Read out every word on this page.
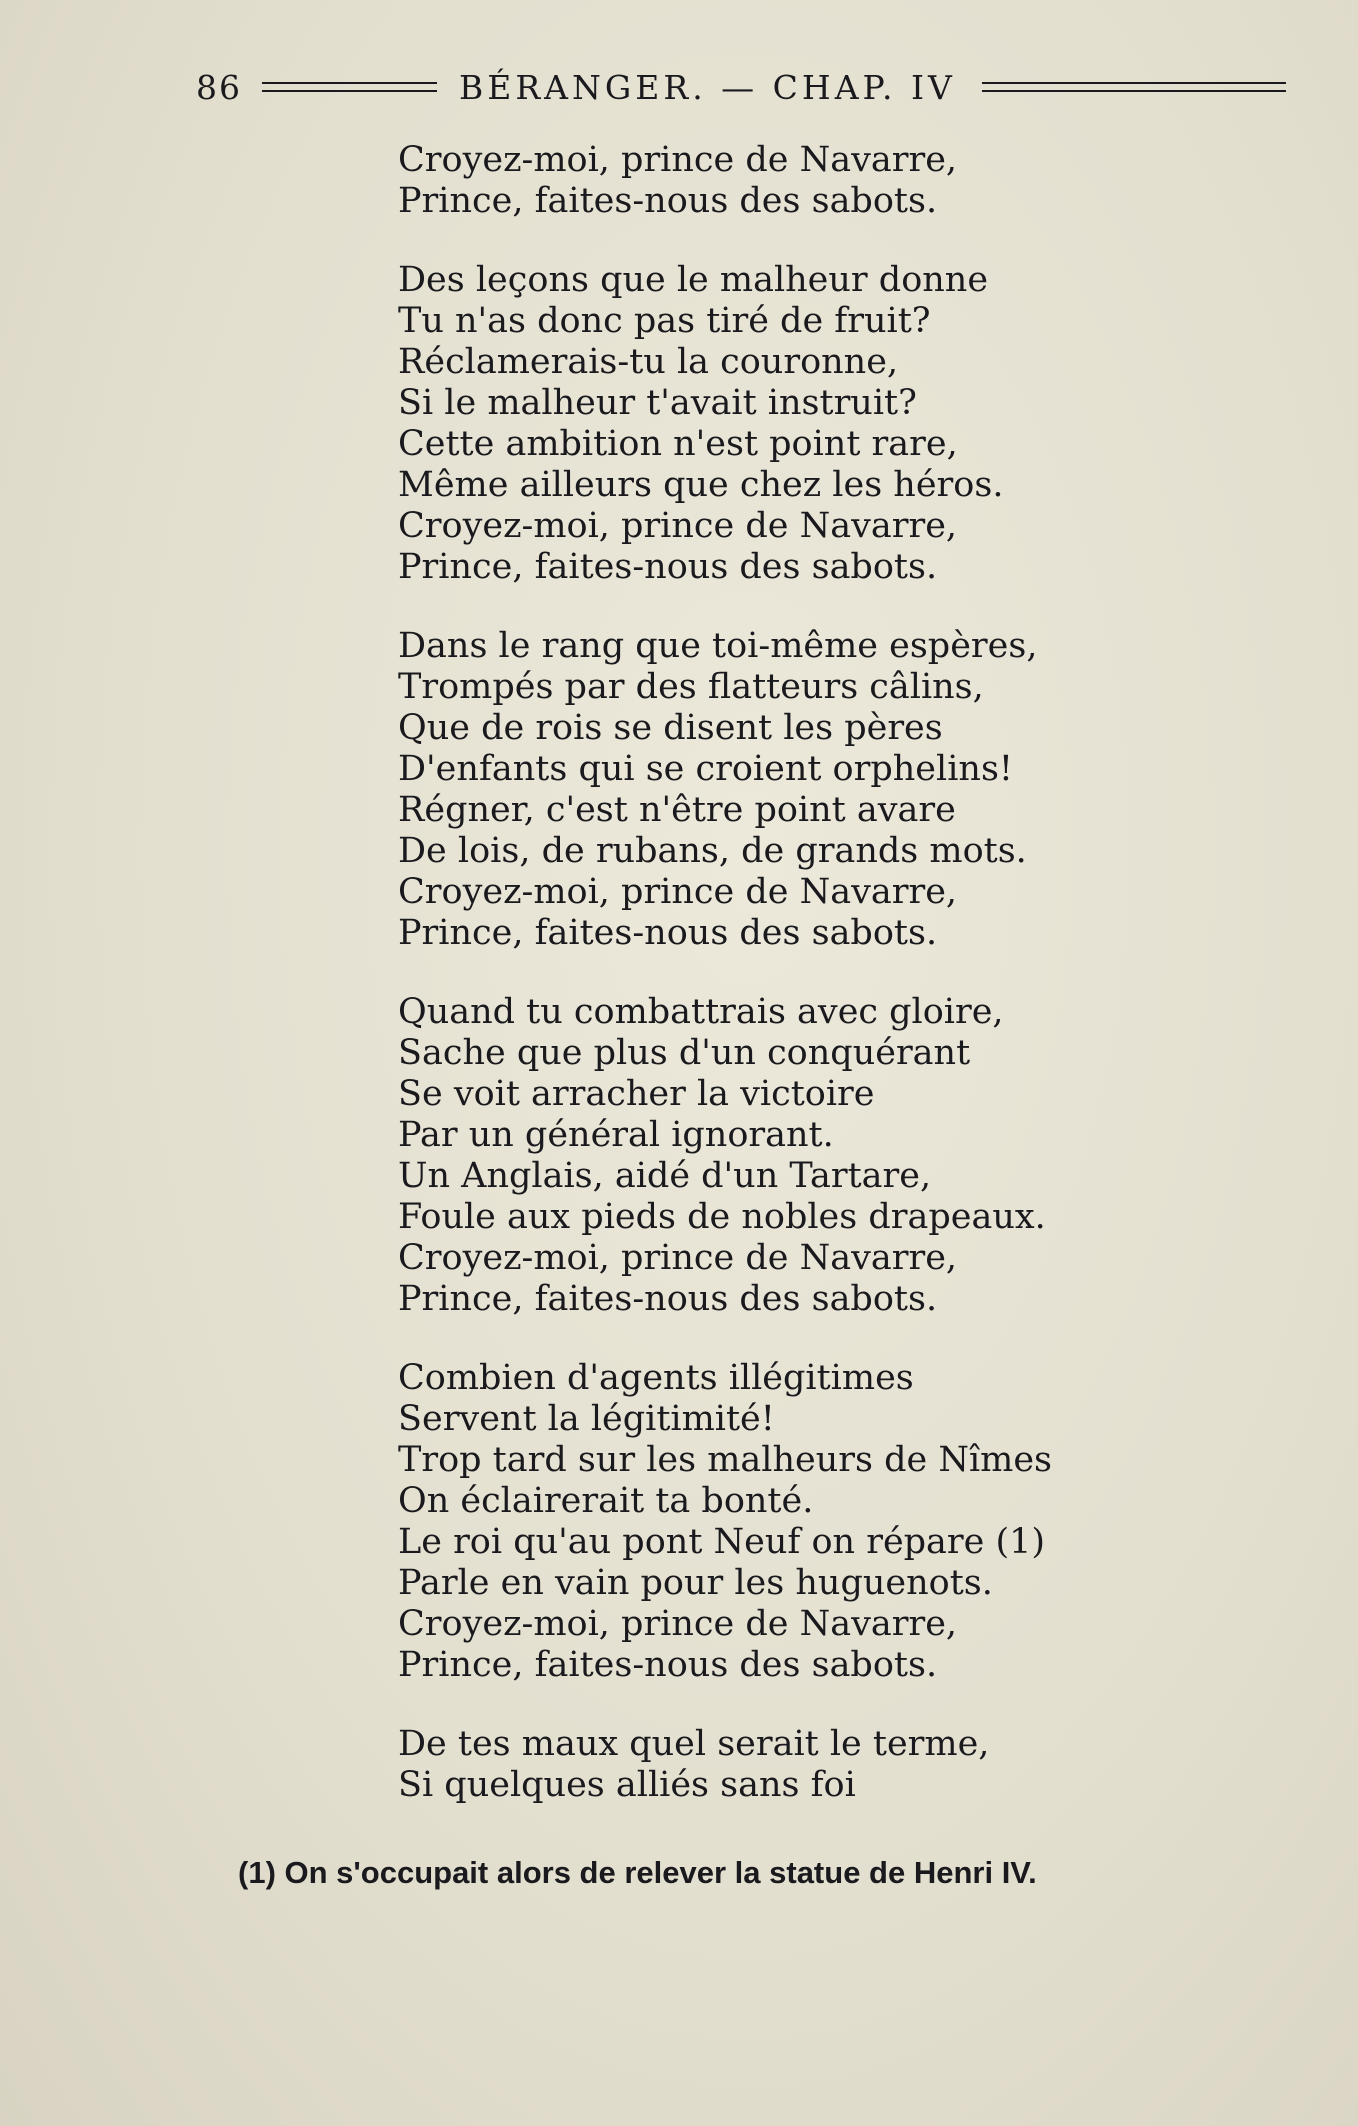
86	BÉRANGER. — CHAP. IV
Croyez-moi, prince de Navarre,
Prince, faites-nous des sabots.
Des leçons que le malheur donne
Tu n'as donc pas tiré de fruit?
Réclamerais-tu la couronne,
Si le malheur t'avait instruit?
Cette ambition n'est point rare,
Même ailleurs que chez les héros.
Croyez-moi, prince de Navarre,
Prince, faites-nous des sabots.
Dans le rang que toi-même espères,
Trompés par des flatteurs câlins,
Que de rois se disent les pères
D'enfants qui se croient orphelins!
Régner, c'est n'être point avare
De lois, de rubans, de grands mots.
Croyez-moi, prince de Navarre,
Prince, faites-nous des sabots.
Quand tu combattrais avec gloire,
Sache que plus d'un conquérant
Se voit arracher la victoire
Par un général ignorant.
Un Anglais, aidé d'un Tartare,
Foule aux pieds de nobles drapeaux.
Croyez-moi, prince de Navarre,
Prince, faites-nous des sabots.
Combien d'agents illégitimes
Servent la légitimité!
Trop tard sur les malheurs de Nîmes
On éclairerait ta bonté.
Le roi qu'au pont Neuf on répare (1)
Parle en vain pour les huguenots.
Croyez-moi, prince de Navarre,
Prince, faites-nous des sabots.
De tes maux quel serait le terme,
Si quelques alliés sans foi
(1) On s'occupait alors de relever la statue de Henri IV.
